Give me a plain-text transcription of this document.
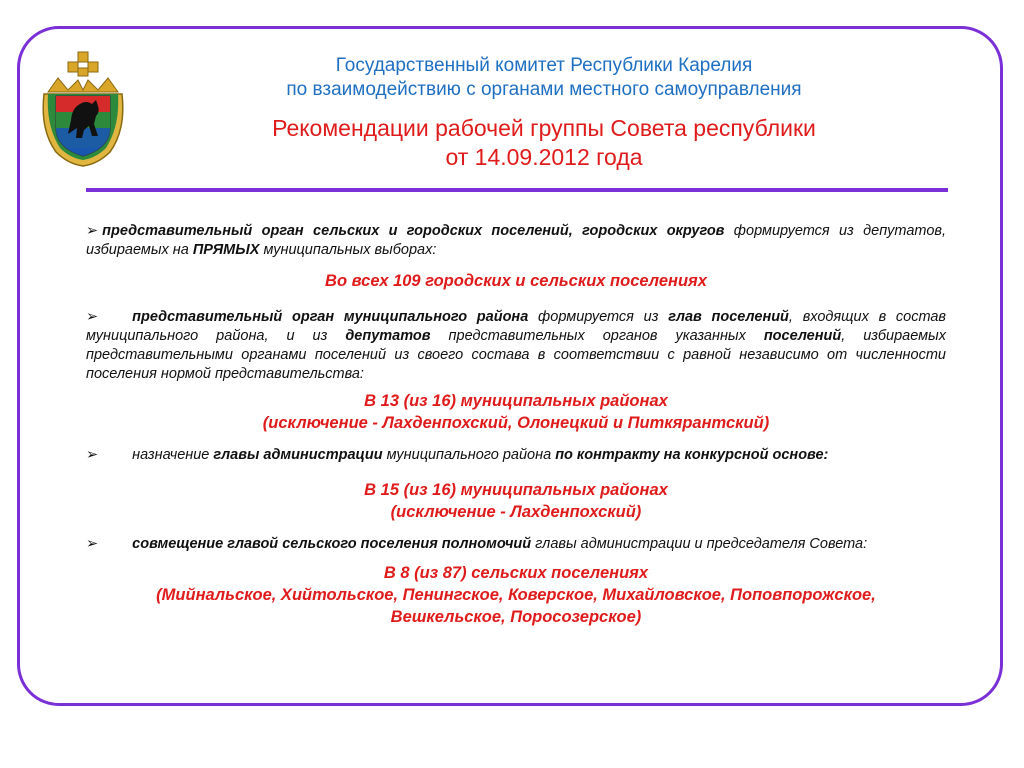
Государственный комитет Республики Карелия
по взаимодействию с органами местного самоуправления
Рекомендации рабочей группы Совета республики
от 14.09.2012 года

➢ представительный орган сельских и городских поселений, городских округов формируется из депутатов, избираемых на ПРЯМЫХ муниципальных выборах:

Во всех 109 городских и сельских поселениях

➢ представительный орган муниципального района формируется из глав поселений, входящих в состав муниципального района, и из депутатов представительных органов указанных поселений, избираемых представительными органами поселений из своего состава в соответствии с равной независимо от численности поселения нормой представительства:

В 13 (из 16) муниципальных районах
(исключение - Лахденпохский, Олонецкий и Питкярантский)

➢ назначение главы администрации муниципального района по контракту на конкурсной основе:

В 15 (из 16) муниципальных районах
(исключение - Лахденпохский)

➢ совмещение главой сельского поселения полномочий главы администрации и председателя Совета:

В 8 (из 87) сельских поселениях
(Мийнальское, Хийтольское, Пенингское, Коверское, Михайловское, Поповпорожское,
Вешкельское, Поросозерское)
